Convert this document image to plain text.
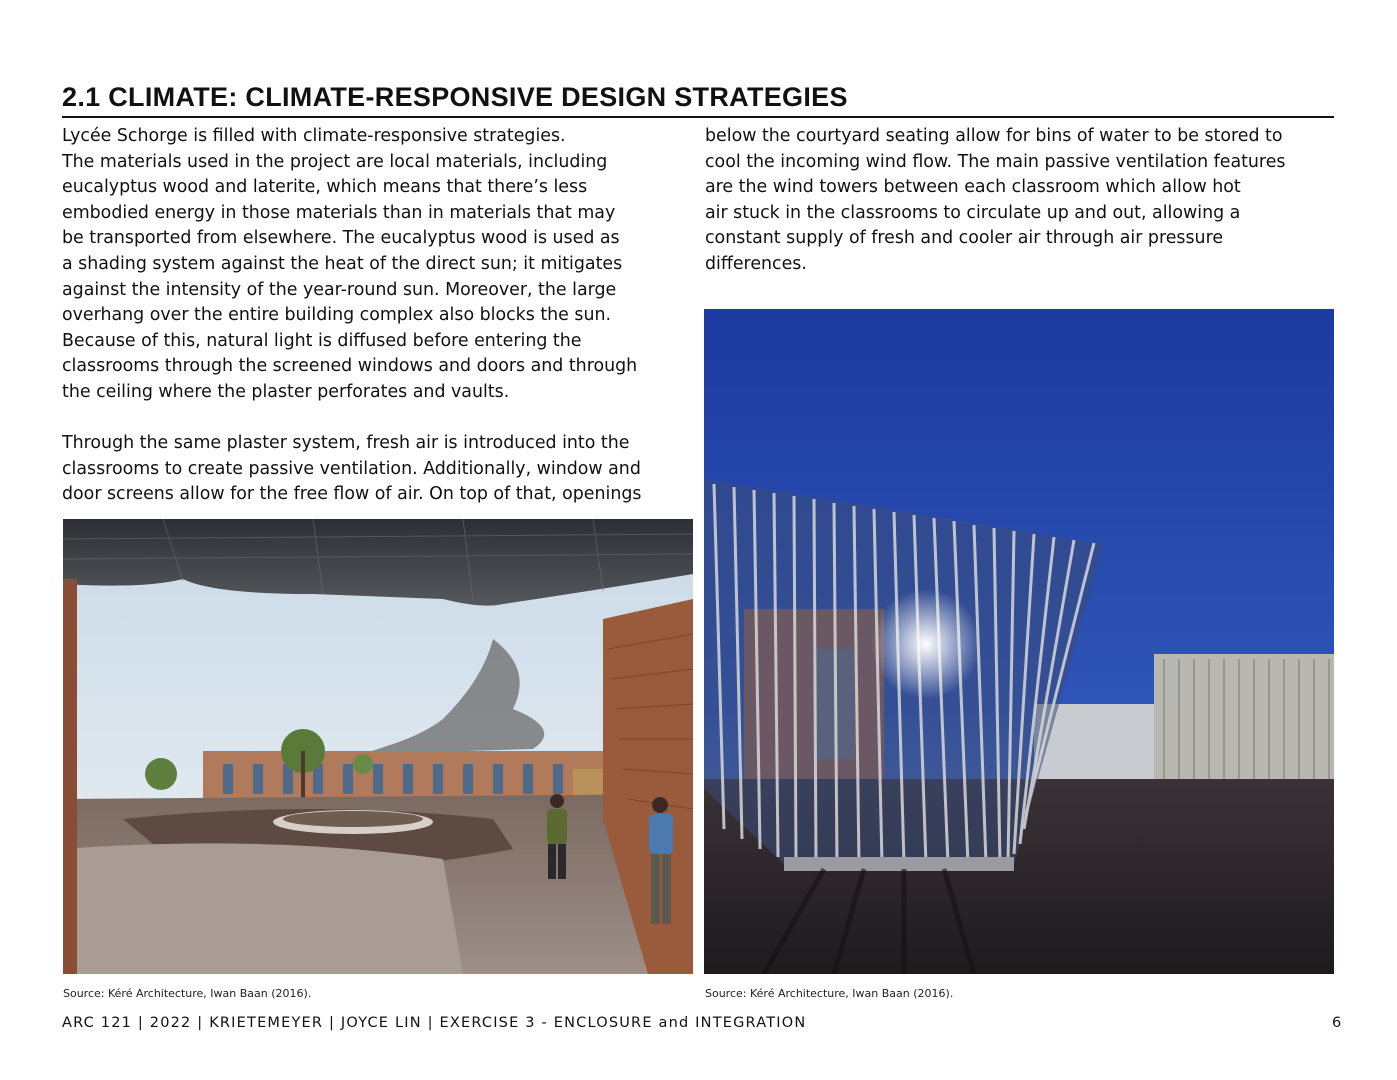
2.1 CLIMATE: CLIMATE-RESPONSIVE DESIGN STRATEGIES

Lycée Schorge is filled with climate-responsive strategies.
The materials used in the project are local materials, including
eucalyptus wood and laterite, which means that there’s less
embodied energy in those materials than in materials that may
be transported from elsewhere. The eucalyptus wood is used as
a shading system against the heat of the direct sun; it mitigates
against the intensity of the year-round sun. Moreover, the large
overhang over the entire building complex also blocks the sun.
Because of this, natural light is diffused before entering the
classrooms through the screened windows and doors and through
the ceiling where the plaster perforates and vaults.

Through the same plaster system, fresh air is introduced into the
classrooms to create passive ventilation. Additionally, window and
door screens allow for the free flow of air. On top of that, openings

below the courtyard seating allow for bins of water to be stored to
cool the incoming wind flow. The main passive ventilation features
are the wind towers between each classroom which allow hot
air stuck in the classrooms to circulate up and out, allowing a
constant supply of fresh and cooler air through air pressure
differences.

Source: Kéré Architecture, Iwan Baan (2016).	Source: Kéré Architecture, Iwan Baan (2016).
ARC 121 | 2022 | KRIETEMEYER | JOYCE LIN | EXERCISE 3 - ENCLOSURE and INTEGRATION	6
